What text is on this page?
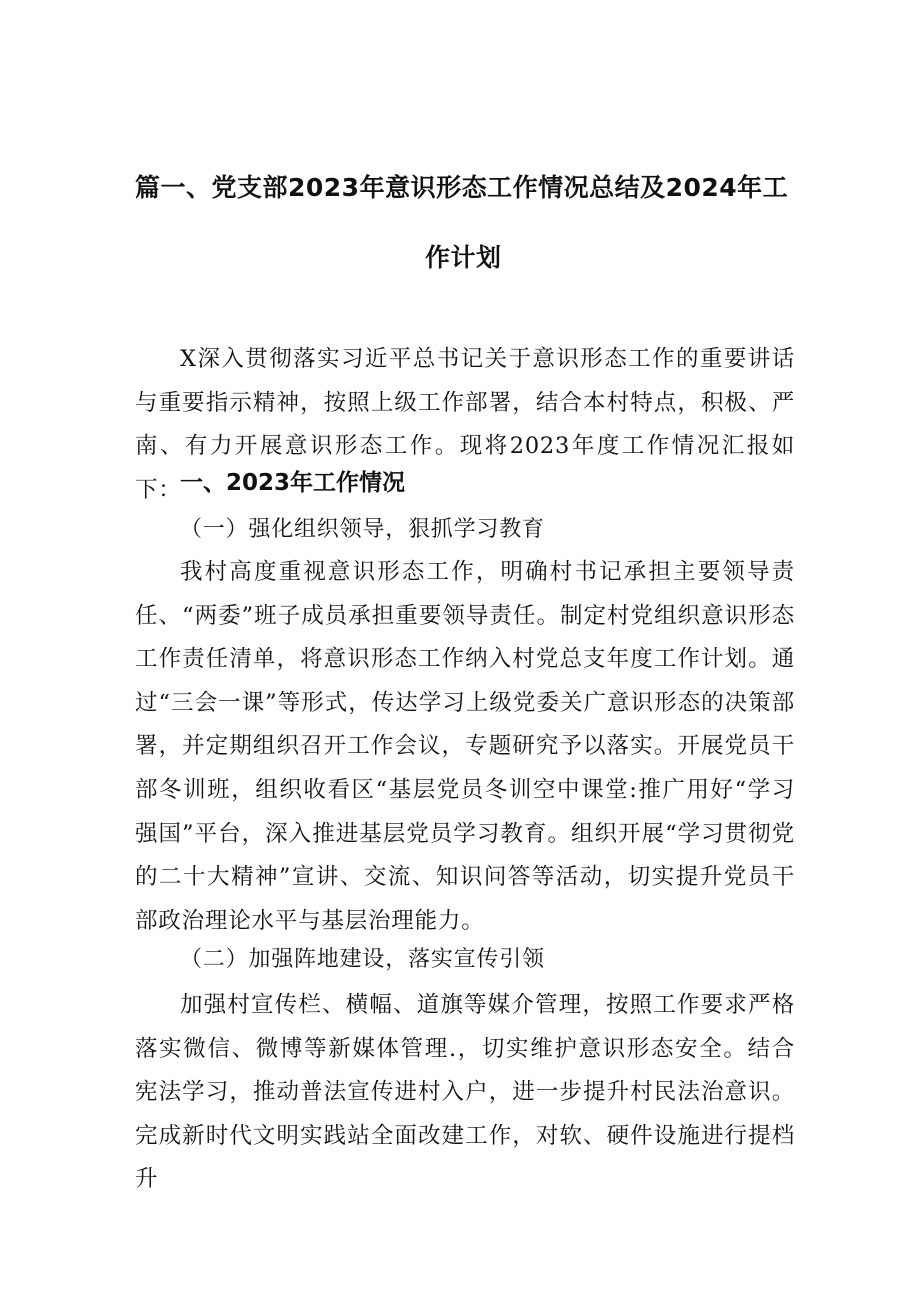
篇一、党支部2023年意识形态工作情况总结及2024年工
作计划
X深入贯彻落实习近平总书记关于意识形态工作的重要讲话与重要指示精神，按照上级工作部署，结合本村特点，积极、严南、有力开展意识形态工作。现将2023年度工作情况汇报如下：
一、2023年工作情况
（一）强化组织领导，狠抓学习教育
我村高度重视意识形态工作，明确村书记承担主要领导责任、“两委”班子成员承担重要领导责任。制定村党组织意识形态工作责任清单，将意识形态工作纳入村党总支年度工作计划。通过“三会一课”等形式，传达学习上级党委关广意识形态的决策部署，并定期组织召开工作会议，专题研究予以落实。开展党员干部冬训班，组织收看区“基层党员冬训空中课堂:推广用好“学习强国”平台，深入推进基层党员学习教育。组织开展“学习贯彻党的二十大精神”宣讲、交流、知识问答等活动，切实提升党员干部政治理论水平与基层治理能力。
（二）加强阵地建设，落实宣传引领
加强村宣传栏、横幅、道旗等媒介管理，按照工作要求严格落实微信、微博等新媒体管理.，切实维护意识形态安全。结合宪法学习，推动普法宣传进村入户，进一步提升村民法治意识。完成新时代文明实践站全面改建工作，对软、硬件设施进行提档升
